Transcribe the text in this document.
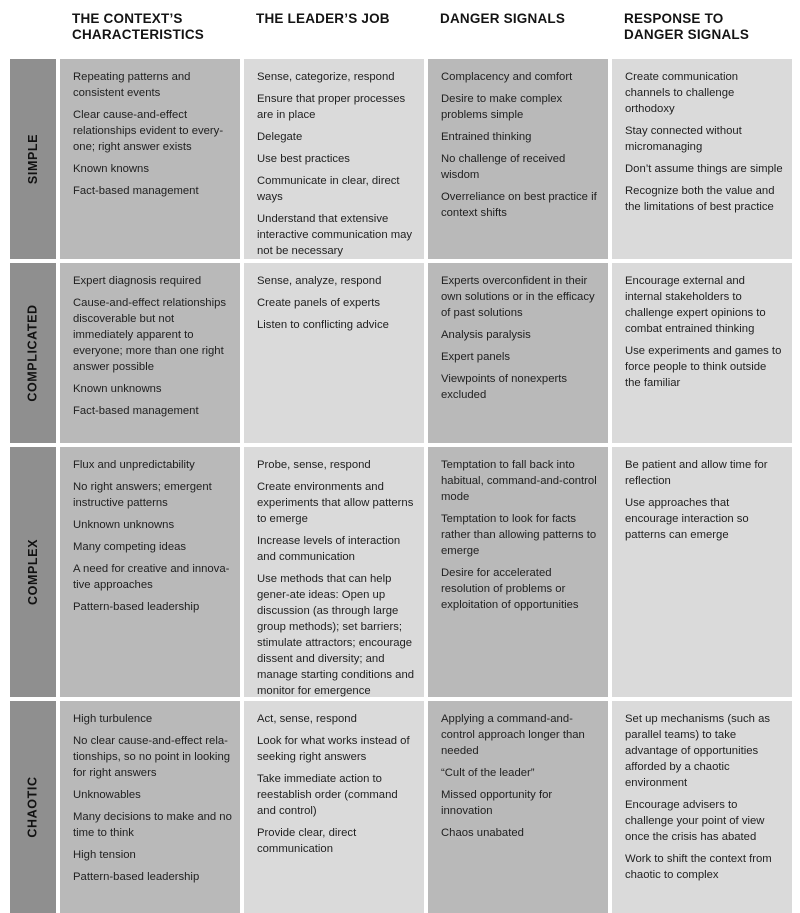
THE CONTEXT’S
CHARACTERISTICS
THE LEADER’S JOB	DANGER SIGNALS	RESPONSE TO
DANGER SIGNALS
SIMPLE

Repeating patterns and consistent events

Clear cause-and-effect relationships evident to every-one; right answer exists

Known knowns

Fact-based management

Sense, categorize, respond

Ensure that proper processes are in place

Delegate

Use best practices

Communicate in clear, direct ways

Understand that extensive interactive communication may not be necessary

Complacency and comfort

Desire to make complex problems simple

Entrained thinking

No challenge of received wisdom

Overreliance on best practice if context shifts

Create communication channels to challenge orthodoxy

Stay connected without micromanaging

Don’t assume things are simple

Recognize both the value and the limitations of best practice

COMPLICATED

Expert diagnosis required

Cause-and-effect relationships discoverable but not immediately apparent to everyone; more than one right answer possible

Known unknowns

Fact-based management

Sense, analyze, respond

Create panels of experts

Listen to conflicting advice

Experts overconfident in their own solutions or in the efficacy of past solutions

Analysis paralysis

Expert panels

Viewpoints of nonexperts excluded

Encourage external and internal stakeholders to challenge expert opinions to combat entrained thinking

Use experiments and games to force people to think outside the familiar

COMPLEX

Flux and unpredictability

No right answers; emergent instructive patterns

Unknown unknowns

Many competing ideas

A need for creative and innova-tive approaches

Pattern-based leadership

Probe, sense, respond

Create environments and experiments that allow patterns to emerge

Increase levels of interaction and communication

Use methods that can help gener-ate ideas: Open up discussion (as through large group methods); set barriers; stimulate attractors; encourage dissent and diversity; and manage starting conditions and monitor for emergence

Temptation to fall back into habitual, command-and-control mode

Temptation to look for facts rather than allowing patterns to emerge

Desire for accelerated resolution of problems or exploitation of opportunities

Be patient and allow time for reflection

Use approaches that encourage interaction so patterns can emerge

CHAOTIC

High turbulence

No clear cause-and-effect rela-tionships, so no point in looking for right answers

Unknowables

Many decisions to make and no time to think

High tension

Pattern-based leadership

Act, sense, respond

Look for what works instead of seeking right answers

Take immediate action to reestablish order (command and control)

Provide clear, direct communication

Applying a command-and-control approach longer than needed

“Cult of the leader”

Missed opportunity for innovation

Chaos unabated

Set up mechanisms (such as parallel teams) to take advantage of opportunities afforded by a chaotic environment

Encourage advisers to challenge your point of view once the crisis has abated

Work to shift the context from chaotic to complex
